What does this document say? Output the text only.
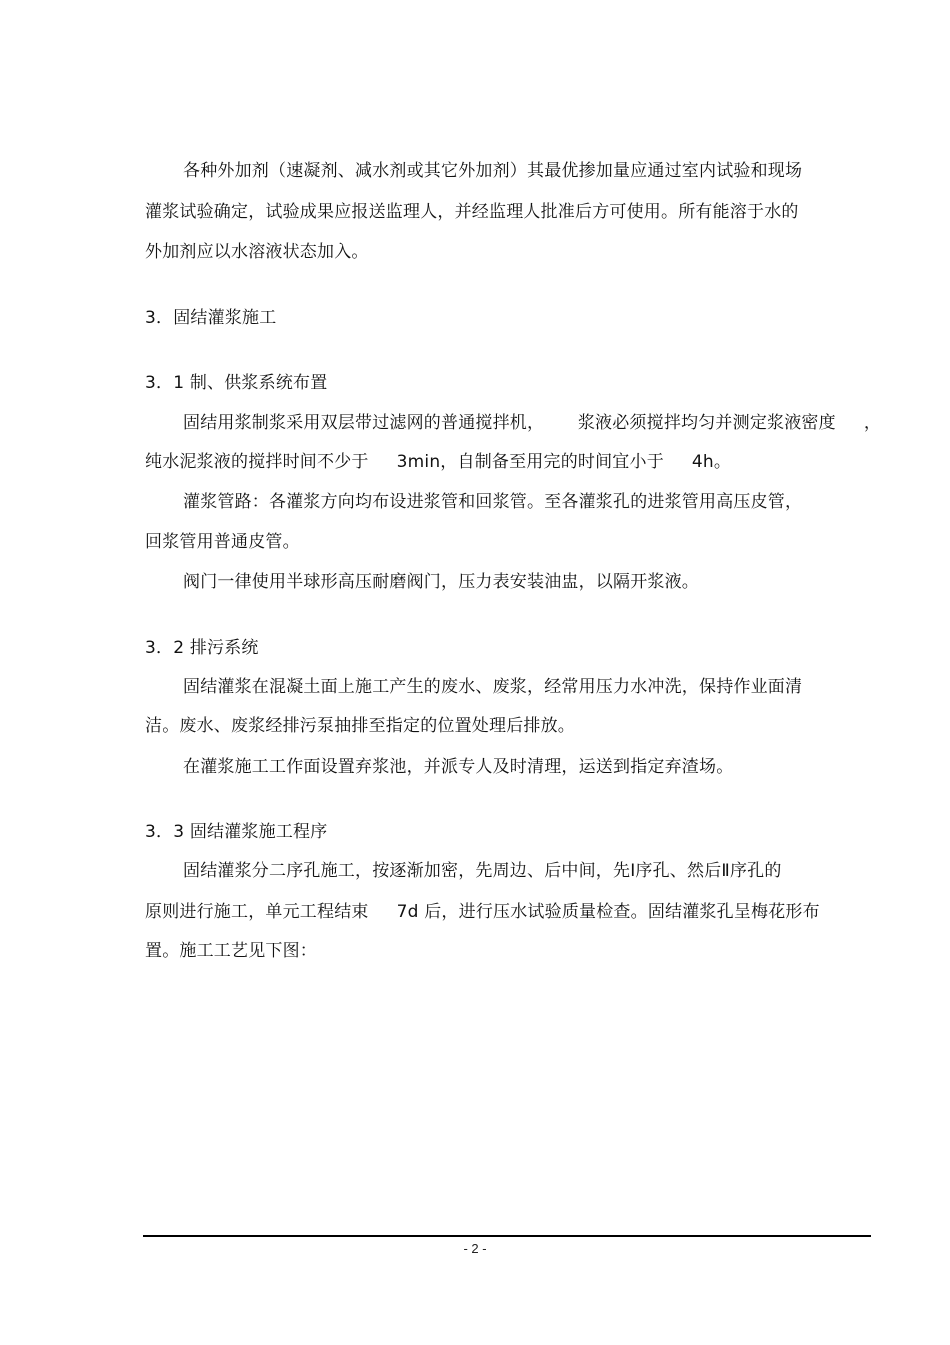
各种外加剂（速凝剂、减水剂或其它外加剂）其最优掺加量应通过室内试验和现场
灌浆试验确定，试验成果应报送监理人，并经监理人批准后方可使用。所有能溶于水的
外加剂应以水溶液状态加入。
3．固结灌浆施工
3．1 制、供浆系统布置
固结用浆制浆采用双层带过滤网的普通搅拌机，      浆液必须搅拌均匀并测定浆液密度     ，
纯水泥浆液的搅拌时间不少于     3min，自制备至用完的时间宜小于     4h。
灌浆管路：各灌浆方向均布设进浆管和回浆管。至各灌浆孔的进浆管用高压皮管，
回浆管用普通皮管。
阀门一律使用半球形高压耐磨阀门，压力表安装油盅，以隔开浆液。
3．2 排污系统
固结灌浆在混凝土面上施工产生的废水、废浆，经常用压力水冲洗，保持作业面清
洁。废水、废浆经排污泵抽排至指定的位置处理后排放。
在灌浆施工工作面设置弃浆池，并派专人及时清理，运送到指定弃渣场。
3．3 固结灌浆施工程序
固结灌浆分二序孔施工，按逐渐加密，先周边、后中间，先Ⅰ序孔、然后Ⅱ序孔的
原则进行施工，单元工程结束     7d 后，进行压水试验质量检查。固结灌浆孔呈梅花形布
置。施工工艺见下图：
- 2 -
